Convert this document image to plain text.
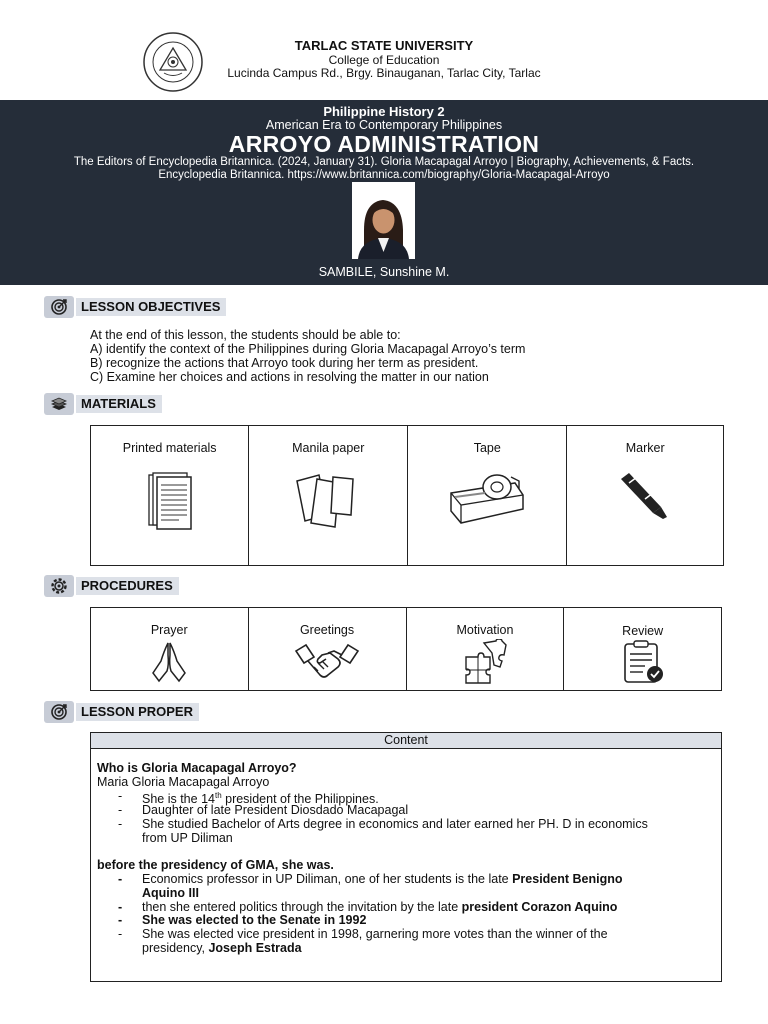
TARLAC STATE UNIVERSITY
College of Education
Lucinda Campus Rd., Brgy. Binauganan, Tarlac City, Tarlac
Philippine History 2
American Era to Contemporary Philippines
ARROYO ADMINISTRATION
The Editors of Encyclopedia Britannica. (2024, January 31). Gloria Macapagal Arroyo | Biography, Achievements, & Facts.
Encyclopedia Britannica. https://www.britannica.com/biography/Gloria-Macapagal-Arroyo
SAMBILE, Sunshine M.
LESSON OBJECTIVES
At the end of this lesson, the students should be able to:
A) identify the context of the Philippines during Gloria Macapagal Arroyo’s term
B) recognize the actions that Arroyo took during her term as president.
C) Examine her choices and actions in resolving the matter in our nation
MATERIALS
Printed materials	Manila paper	Tape	Marker
PROCEDURES
Prayer	Greetings	Motivation	Review
LESSON PROPER
Content
Who is Gloria Macapagal Arroyo?
Maria Gloria Macapagal Arroyo
- She is the 14th president of the Philippines.
- Daughter of late President Diosdado Macapagal
- She studied Bachelor of Arts degree in economics and later earned her PH. D in economics
from UP Diliman
before the presidency of GMA, she was.
- Economics professor in UP Diliman, one of her students is the late President Benigno
Aquino III
- then she entered politics through the invitation by the late president Corazon Aquino
- She was elected to the Senate in 1992
- She was elected vice president in 1998, garnering more votes than the winner of the
presidency, Joseph Estrada
